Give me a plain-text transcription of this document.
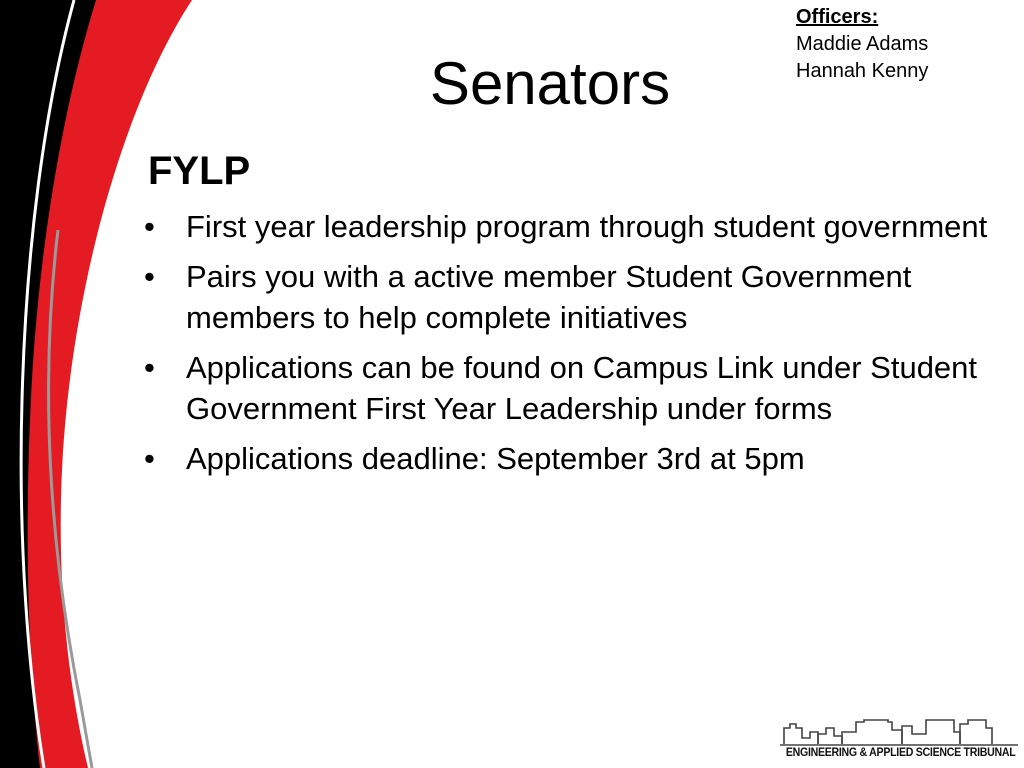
Officers:
Maddie Adams
Hannah Kenny
Senators
FYLP
• First year leadership program through student government
• Pairs you with a active member Student Government members to help complete initiatives
• Applications can be found on Campus Link under Student Government First Year Leadership under forms
• Applications deadline: September 3rd at 5pm
ENGINEERING & APPLIED SCIENCE TRIBUNAL
